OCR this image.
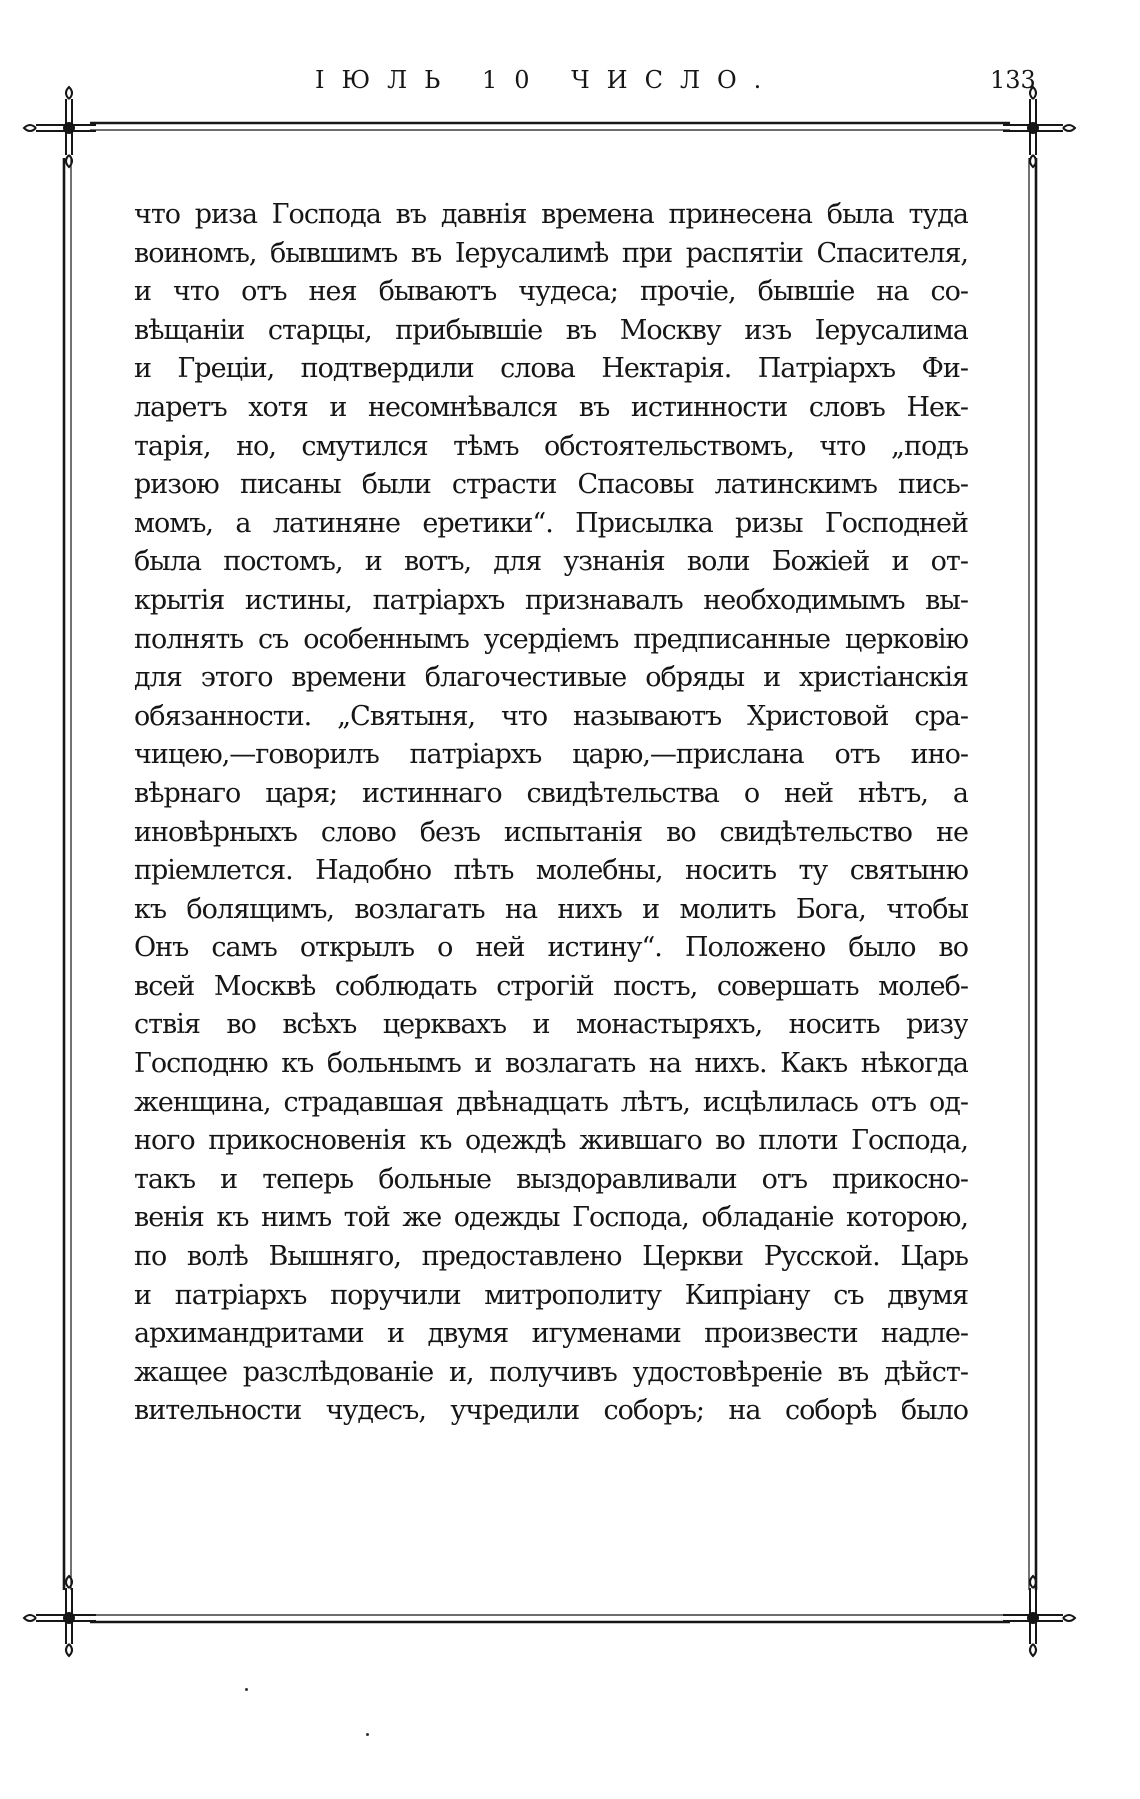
ІЮЛЬ 10 ЧИСЛО.	133
что риза Господа въ давнія времена принесена была туда
воиномъ, бывшимъ въ Іерусалимѣ при распятіи Спасителя,
и что отъ нея бываютъ чудеса; прочіе, бывшіе на со-
вѣщаніи старцы, прибывшіе въ Москву изъ Іерусалима
и Греціи, подтвердили слова Нектарія. Патріархъ Фи-
ларетъ хотя и несомнѣвался въ истинности словъ Нек-
тарія, но, смутился тѣмъ обстоятельствомъ, что „подъ
ризою писаны были страсти Спасовы латинскимъ пись-
момъ, а латиняне еретики“. Присылка ризы Господней
была постомъ, и вотъ, для узнанія воли Божіей и от-
крытія истины, патріархъ признавалъ необходимымъ вы-
полнять съ особеннымъ усердіемъ предписанные церковію
для этого времени благочестивые обряды и христіанскія
обязанности. „Святыня, что называютъ Христовой сра-
чицею,—говорилъ патріархъ царю,—прислана отъ ино-
вѣрнаго царя; истиннаго свидѣтельства о ней нѣтъ, а
иновѣрныхъ слово безъ испытанія во свидѣтельство не
пріемлется. Надобно пѣть молебны, носить ту святыню
къ болящимъ, возлагать на нихъ и молить Бога, чтобы
Онъ самъ открылъ о ней истину“. Положено было во
всей Москвѣ соблюдать строгій постъ, совершать молеб-
ствія во всѣхъ церквахъ и монастыряхъ, носить ризу
Господню къ больнымъ и возлагать на нихъ. Какъ нѣкогда
женщина, страдавшая двѣнадцать лѣтъ, исцѣлилась отъ од-
ного прикосновенія къ одеждѣ жившаго во плоти Господа,
такъ и теперь больные выздоравливали отъ прикосно-
венія къ нимъ той же одежды Господа, обладаніе которою,
по волѣ Вышняго, предоставлено Церкви Русской. Царь
и патріархъ поручили митрополиту Кипріану съ двумя
архимандритами и двумя игуменами произвести надле-
жащее разслѣдованіе и, получивъ удостовѣреніе въ дѣйст-
вительности чудесъ, учредили соборъ; на соборѣ было
